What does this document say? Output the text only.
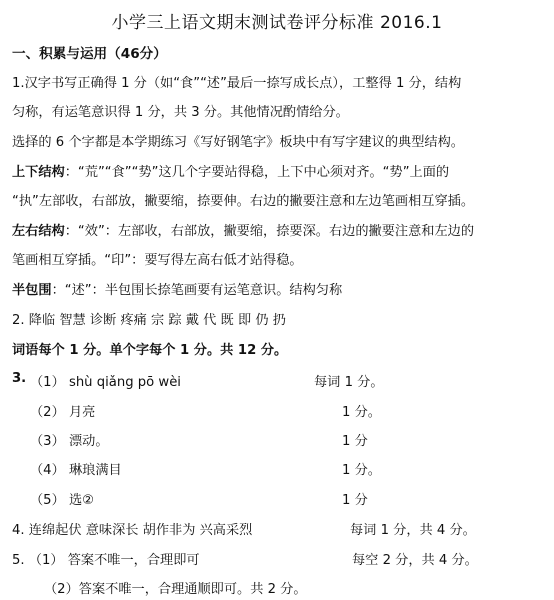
小学三上语文期末测试卷评分标准 2016.1
一、积累与运用（46分）
1.汉字书写正确得 1 分（如“食”“述”最后一捺写成长点），工整得 1 分，结构
匀称，有运笔意识得 1 分，共 3 分。其他情况酌情给分。
选择的 6 个字都是本学期练习《写好钢笔字》板块中有写字建议的典型结构。
上下结构：“荒”“食”“势”这几个字要站得稳，上下中心须对齐。“势”上面的
“执”左部收，右部放，撇要缩，捺要伸。右边的撇要注意和左边笔画相互穿插。
左右结构：“效”：左部收，右部放，撇要缩，捺要深。右边的撇要注意和左边的
笔画相互穿插。“印”：要写得左高右低才站得稳。
半包围：“述”：半包围长捺笔画要有运笔意识。结构匀称
2. 降临 智慧 诊断 疼痛 宗 踪 戴 代 既 即 仍 扔
词语每个 1 分。单个字每个 1 分。共 12 分。
3. （1） shù qiǎng pō wèi	每词 1 分。
（2） 月亮	1 分。
（3） 漂动。	1 分
（4） 琳琅满目	1 分。
（5） 选②	1 分
4. 连绵起伏 意味深长 胡作非为 兴高采烈	每词 1 分，共 4 分。
5. （1） 答案不唯一，合理即可	每空 2 分，共 4 分。
（2）答案不唯一，合理通顺即可。共 2 分。
